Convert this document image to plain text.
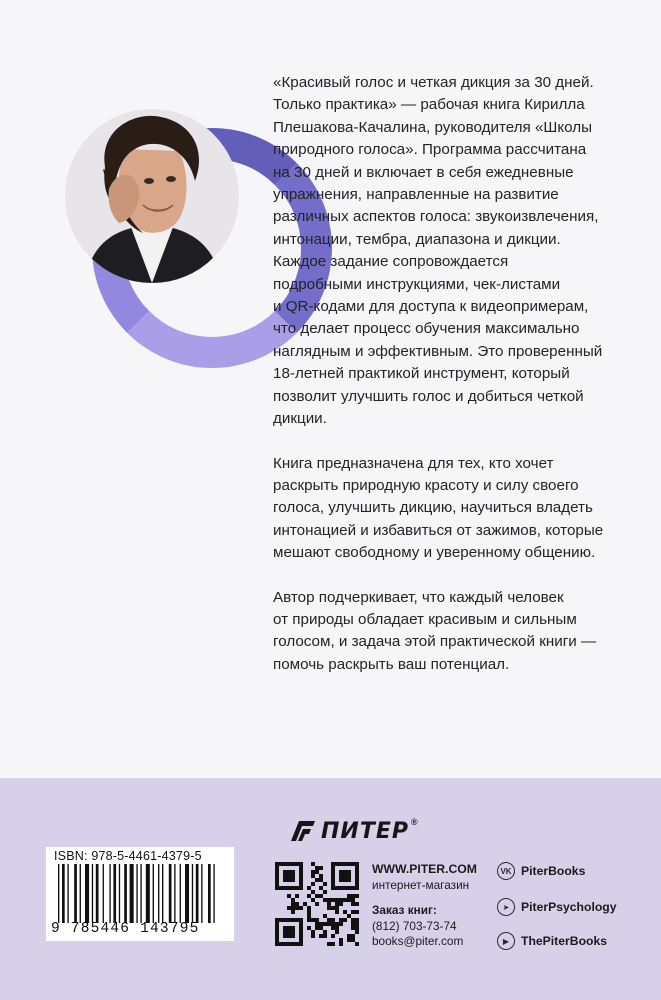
«Красивый голос и четкая дикция за 30 дней.
Только практика» — рабочая книга Кирилла
Плешакова-Качалина, руководителя «Школы
природного голоса». Программа рассчитана
на 30 дней и включает в себя ежедневные
упражнения, направленные на развитие
различных аспектов голоса: звукоизвлечения,
интонации, тембра, диапазона и дикции.
Каждое задание сопровождается
подробными инструкциями, чек-листами
и QR-кодами для доступа к видеопримерам,
что делает процесс обучения максимально
наглядным и эффективным. Это проверенный
18-летней практикой инструмент, который
позволит улучшить голос и добиться четкой
дикции.

Книга предназначена для тех, кто хочет
раскрыть природную красоту и силу своего
голоса, улучшить дикцию, научиться владеть
интонацией и избавиться от зажимов, которые
мешают свободному и уверенному общению.

Автор подчеркивает, что каждый человек
от природы обладает красивым и сильным
голосом, и задача этой практической книги —
помочь раскрыть ваш потенциал.

ПИТЕР ®
ISBN: 978-5-4461-4379-5
9 785446 143795
WWW.PITER.COM
интернет-магазин
Заказ книг:
(812) 703-73-74
books@piter.com
VK PiterBooks
➤ PiterPsychology
▶ ThePiterBooks
